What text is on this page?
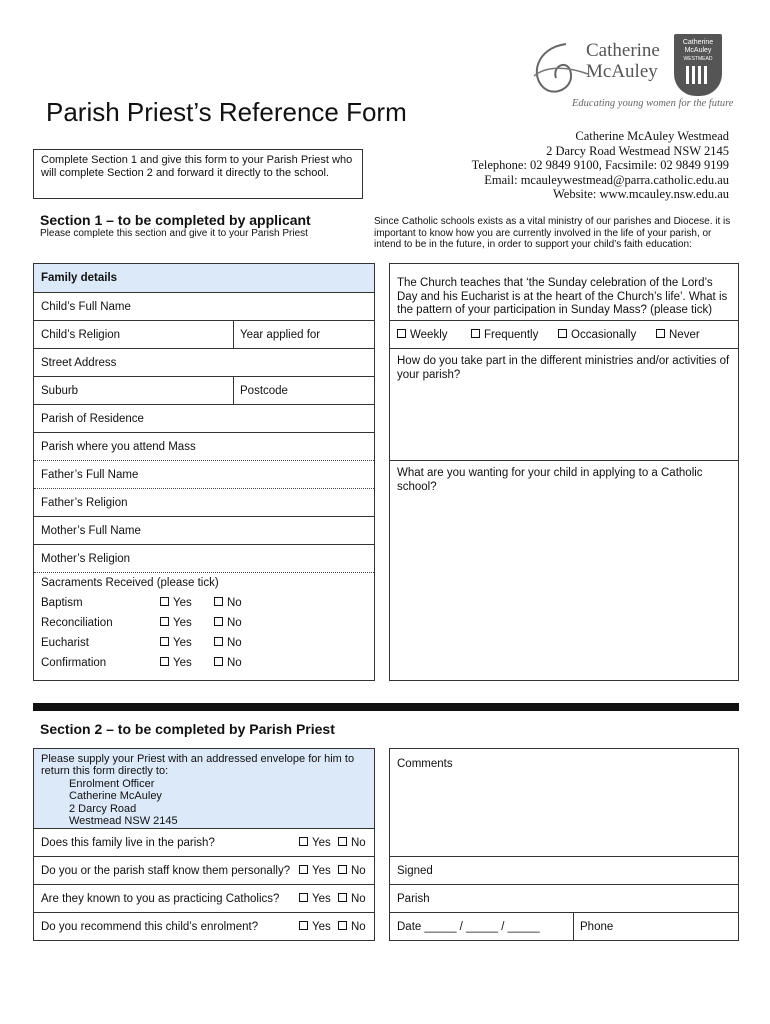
Parish Priest’s Reference Form
Catherine
McAuley
Catherine
McAuley
WESTMEAD
Educating young women for the future
Catherine McAuley Westmead
2 Darcy Road Westmead NSW 2145
Telephone: 02 9849 9100, Facsimile: 02 9849 9199
Email: mcauleywestmead@parra.catholic.edu.au
Website: www.mcauley.nsw.edu.au
Complete Section 1 and give this form to your Parish Priest who will complete Section 2 and forward it directly to the school.
Section 1 – to be completed by applicant
Please complete this section and give it to your Parish Priest
Since Catholic schools exists as a vital ministry of our parishes and Diocese. it is important to know how you are currently involved in the life of your parish, or intend to be in the future, in order to support your child’s faith education:
Family details
Child’s Full Name
Child’s Religion	Year applied for
Street Address
Suburb	Postcode
Parish of Residence
Parish where you attend Mass
Father’s Full Name
Father’s Religion
Mother’s Full Name
Mother’s Religion
Sacraments Received (please tick)
Baptism	Yes	No
Reconciliation	Yes	No
Eucharist	Yes	No
Confirmation	Yes	No
The Church teaches that ‘the Sunday celebration of the Lord’s Day and his Eucharist is at the heart of the Church’s life’. What is the pattern of your participation in Sunday Mass? (please tick)
Weekly	Frequently	Occasionally	Never
How do you take part in the different ministries and/or activities of your parish?
What are you wanting for your child in applying to a Catholic school?
Section 2 – to be completed by Parish Priest
Please supply your Priest with an addressed envelope for him to return this form directly to:
Enrolment Officer
Catherine McAuley
2 Darcy Road
Westmead NSW 2145
Does this family live in the parish?	Yes	No
Do you or the parish staff know them personally?	Yes	No
Are they known to you as practicing Catholics?	Yes	No
Do you recommend this child’s enrolment?	Yes	No
Comments
Signed
Parish
Date _____ / _____ / _____	Phone
